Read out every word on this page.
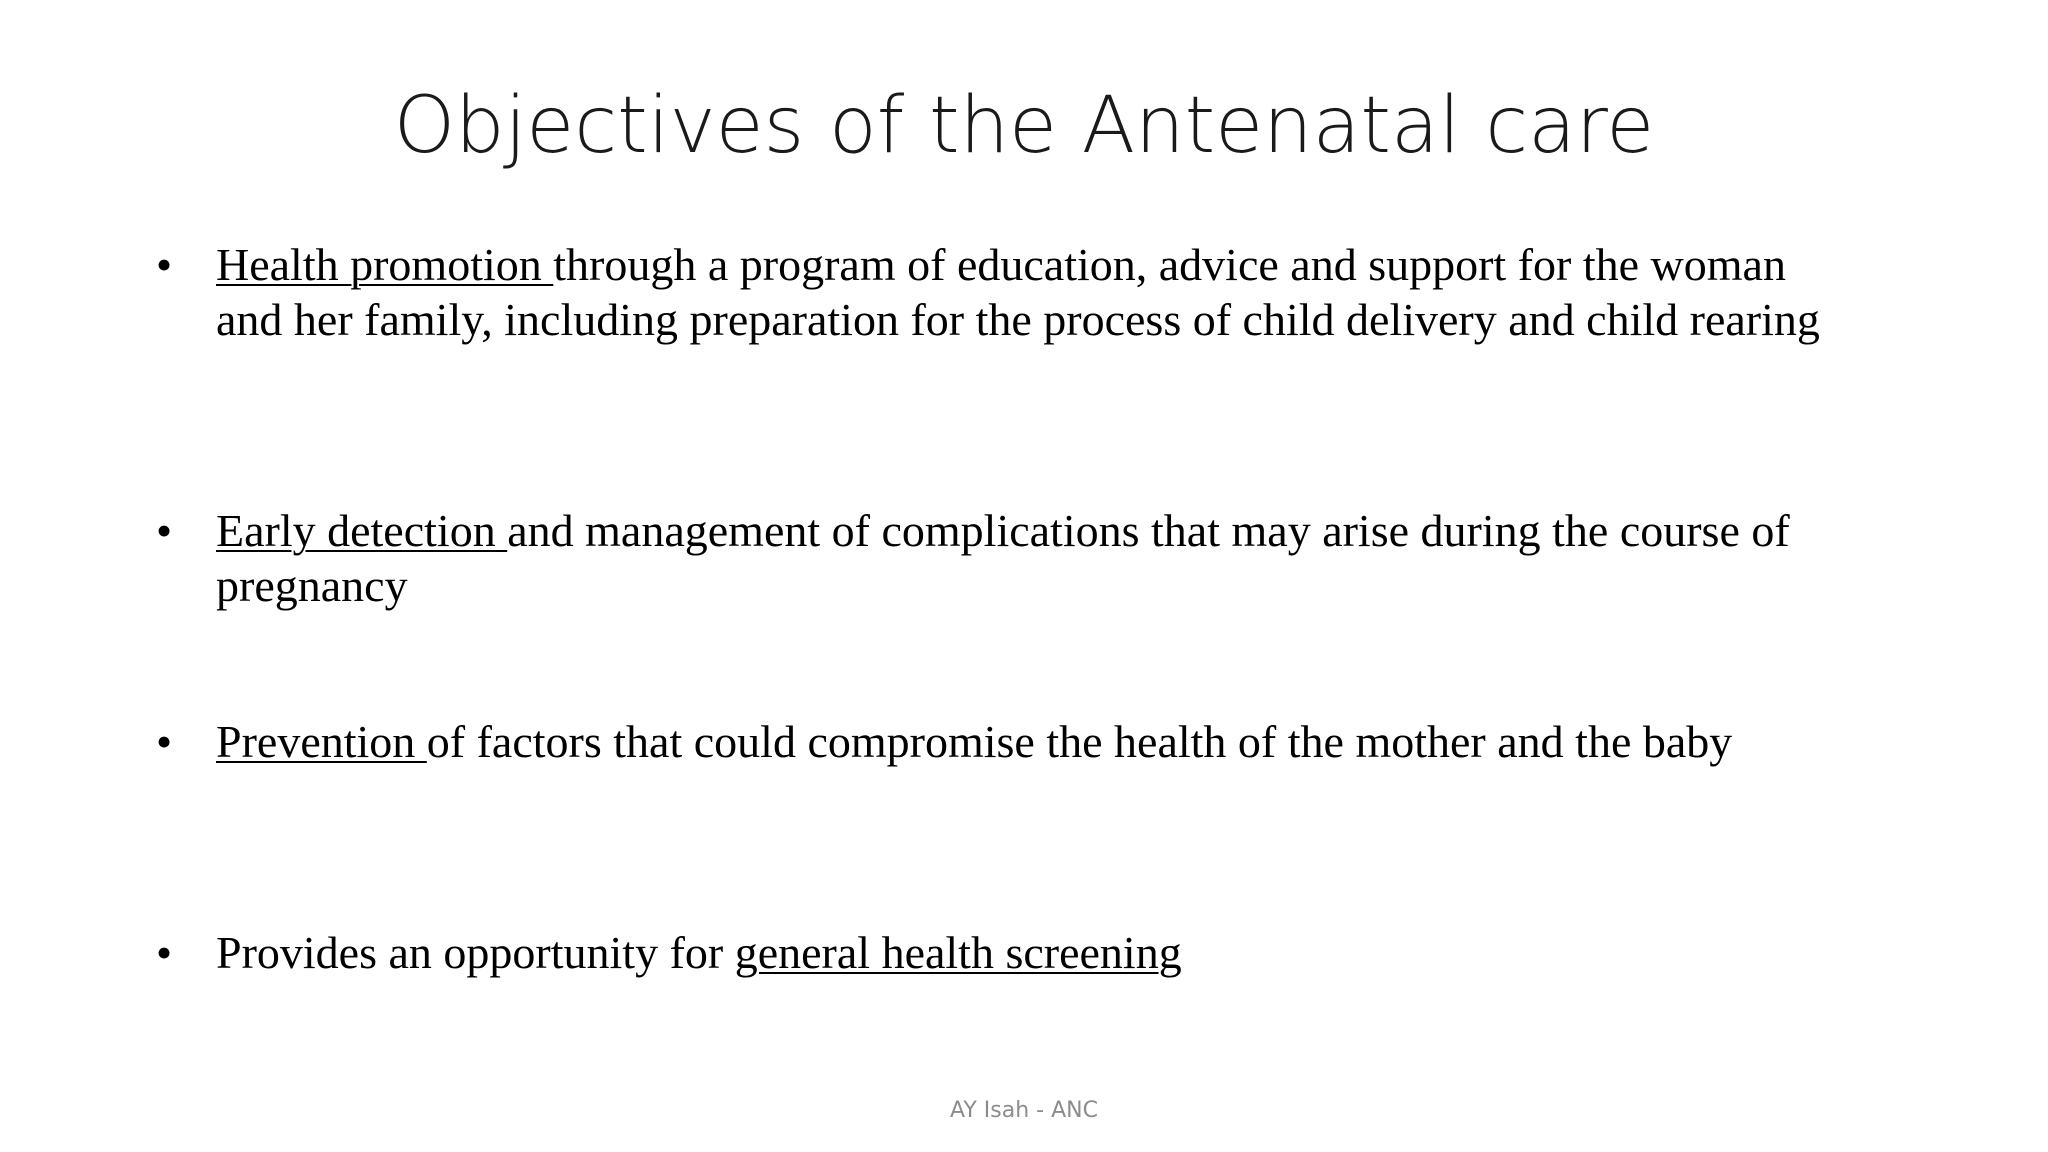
Objectives of the Antenatal care
• Health promotion through a program of education, advice and support for the woman and her family, including preparation for the process of child delivery and child rearing
• Early detection and management of complications that may arise during the course of pregnancy
• Prevention of factors that could compromise the health of the mother and the baby
• Provides an opportunity for general health screening
AY Isah - ANC
